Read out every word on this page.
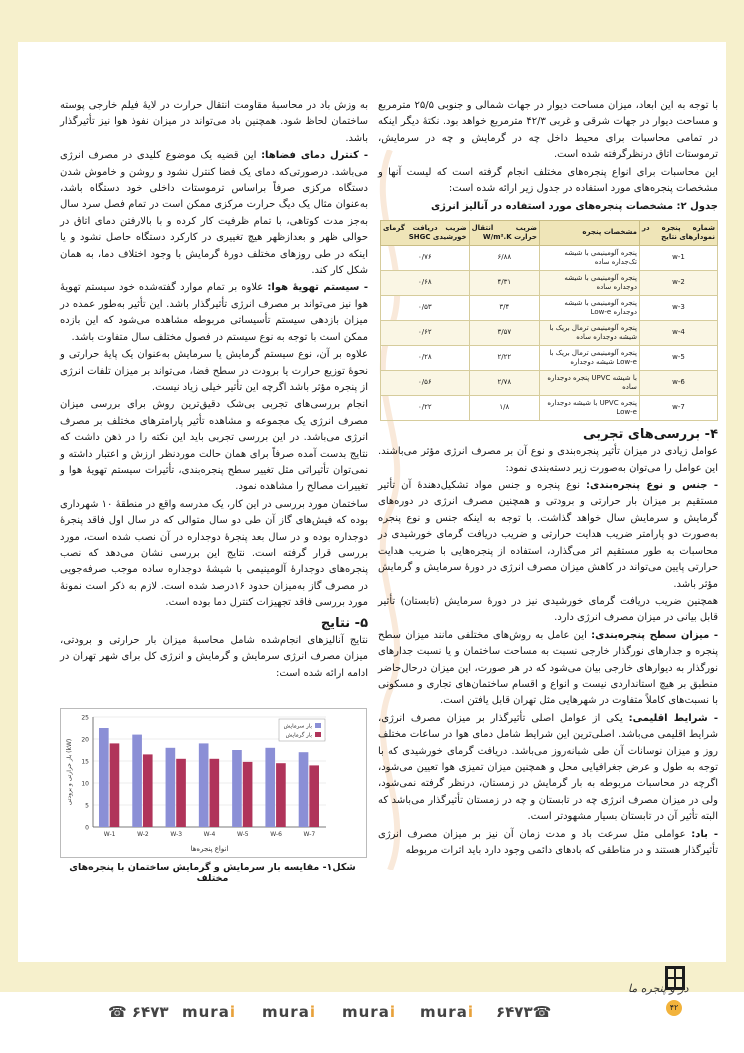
با توجه به این ابعاد، میزان مساحت دیوار در جهات شمالی و جنوبی ۲۵/۵ مترمربع و مساحت دیوار در جهات شرقی و غربی ۴۲/۳ مترمربع خواهد بود. نکتهٔ دیگر اینکه در تمامی محاسبات برای محیط داخل چه در گرمایش و چه در سرمایش، ترموستات اتاق درنظرگرفته شده است.

این محاسبات برای انواع پنجره‌های مختلف انجام گرفته است که لیست آنها و مشخصات پنجره‌های مورد استفاده در جدول زیر ارائه شده است:

جدول ۲: مشخصات پنجره‌های مورد استفاده در آنالیز انرژی
شماره پنجره در نمودارهای نتایج	مشخصات پنجره	ضریب انتقال حرارت W/m².K	ضریب دریافت گرمای خورشیدی SHGC
w-1	پنجره آلومینیمی با شیشه تک‌جداره ساده	۶/۸۸	۰/۷۶
w-2	پنجره آلومینیمی با شیشه دوجداره ساده	۴/۳۱	۰/۶۸
w-3	پنجره آلومینیمی با شیشه دوجداره Low-e	۳/۴	۰/۵۳
w-4	پنجره آلومینیمی ترمال بریک با شیشه دوجداره ساده	۳/۵۷	۰/۶۲
w-5	پنجره آلومینیمی ترمال بریک با Low-e شیشه دوجداره	۲/۲۲	۰/۲۸
w-6	با شیشه UPVC پنجره دوجداره ساده	۲/۷۸	۰/۵۶
w-7	پنجره UPVC با شیشه دوجداره Low-e	۱/۸	۰/۲۲
۴- بررسی‌های تجربی

عوامل زیادی در میزان تأثیر پنجره‌بندی و نوع آن بر مصرف انرژی مؤثر می‌باشند. این عوامل را می‌توان به‌صورت زیر دسته‌بندی نمود:

- جنس و نوع پنجره‌بندی: نوع پنجره و جنس مواد تشکیل‌دهندهٔ آن تأثیر مستقیم بر میزان بار حرارتی و برودتی و همچنین مصرف انرژی در دوره‌های گرمایش و سرمایش سال خواهد گذاشت. با توجه به اینکه جنس و نوع پنجره به‌صورت دو پارامتر ضریب هدایت حرارتی و ضریب دریافت گرمای خورشیدی در محاسبات به طور مستقیم اثر می‌گذارد، استفاده از پنجره‌هایی با ضریب هدایت حرارتی پایین می‌تواند در کاهش میزان مصرف انرژی در دورهٔ سرمایش و گرمایش مؤثر باشد.

همچنین ضریب دریافت گرمای خورشیدی نیز در دورهٔ سرمایش (تابستان) تأثیر قابل بیانی در میزان مصرف انرژی دارد.

- میزان سطح پنجره‌بندی: این عامل به روش‌های مختلفی مانند میزان سطح پنجره و جدارهای نورگذار خارجی نسبت به مساحت ساختمان و یا نسبت جدارهای نورگذار به دیوارهای خارجی بیان می‌شود که در هر صورت، این میزان درحال‌حاضر منطبق بر هیچ استانداردی نیست و انواع و اقسام ساختمان‌های تجاری و مسکونی با نسبت‌های کاملاً متفاوت در شهرهایی مثل تهران قابل یافتن است.

- شرایط اقلیمی: یکی از عوامل اصلی تأثیرگذار بر میزان مصرف انرژی، شرایط اقلیمی می‌باشد. اصلی‌ترین این شرایط شامل دمای هوا در ساعات مختلف روز و میزان نوسانات آن طی شبانه‌روز می‌باشد. دریافت گرمای خورشیدی که با توجه به طول و عرض جغرافیایی محل و همچنین میزان تمیزی هوا تعیین می‌شود، اگرچه در محاسبات مربوطه به بار گرمایش در زمستان، درنظر گرفته نمی‌شود، ولی در میزان مصرف انرژی چه در تابستان و چه در زمستان تأثیرگذار می‌باشد که البته تأثیر آن در تابستان بسیار مشهودتر است.

- باد: عواملی مثل سرعت باد و مدت زمان آن نیز بر میزان مصرف انرژی تأثیرگذار هستند و در مناطقی که بادهای دائمی وجود دارد باید اثرات مربوطه

به وزش باد در محاسبهٔ مقاومت انتقال حرارت در لایهٔ فیلم خارجی پوسته ساختمان لحاظ شود. همچنین باد می‌تواند در میزان نفوذ هوا نیز تأثیرگذار باشد.

- کنترل دمای فضاها: این قضیه یک موضوع کلیدی در مصرف انرژی می‌باشد. درصورتی‌که دمای یک فضا کنترل نشود و روشن و خاموش شدن دستگاه مرکزی صرفاً براساس ترموستات داخلی خود دستگاه باشد، به‌عنوان مثال یک دیگ حرارت مرکزی ممکن است در تمام فصل سرد سال به‌جز مدت کوتاهی، با تمام ظرفیت کار کرده و با بالارفتن دمای اتاق در حوالی ظهر و بعدازظهر هیچ تغییری در کارکرد دستگاه حاصل نشود و یا اینکه در طی روزهای مختلف دورهٔ گرمایش با وجود اختلاف دما، به همان شکل کار کند.

- سیستم تهویهٔ هوا: علاوه بر تمام موارد گفته‌شده خود سیستم تهویهٔ هوا نیز می‌تواند بر مصرف انرژی تأثیرگذار باشد. این تأثیر به‌طور عمده در میزان بازدهی سیستم تأسیساتی مربوطه مشاهده می‌شود که این بازده ممکن است با توجه به نوع سیستم در فصول مختلف سال متفاوت باشد.

علاوه بر آن، نوع سیستم گرمایش یا سرمایش به‌عنوان یک پایهٔ حرارتی و نحوهٔ توزیع حرارت یا برودت در سطح فضا، می‌تواند بر میزان تلفات انرژی از پنجره مؤثر باشد اگرچه این تأثیر خیلی زیاد نیست.

انجام بررسی‌های تجربی بی‌شک دقیق‌ترین روش برای بررسی میزان مصرف انرژی یک مجموعه و مشاهده تأثیر پارامترهای مختلف بر مصرف انرژی می‌باشد. در این بررسی تجربی باید این نکته را در ذهن داشت که نتایج بدست آمده صرفاً برای همان حالت موردنظر ارزش و اعتبار داشته و نمی‌توان تأثیراتی مثل تغییر سطح پنجره‌بندی، تأثیرات سیستم تهویهٔ هوا و تغییرات مصالح را مشاهده نمود.

ساختمان مورد بررسی در این کار، یک مدرسه واقع در منطقهٔ ۱۰ شهرداری بوده که فیش‌های گاز آن طی دو سال متوالی که در سال اول فاقد پنجرهٔ دوجداره بوده و در سال بعد پنجرهٔ دوجداره در آن نصب شده است، مورد بررسی قرار گرفته است. نتایج این بررسی نشان می‌دهد که نصب پنجره‌های دوجدارهٔ آلومینیمی با شیشهٔ دوجداره ساده موجب صرفه‌جویی در مصرف گاز به‌میزان حدود ۱۶درصد شده است. لازم به ذکر است نمونهٔ مورد بررسی فاقد تجهیزات کنترل دما بوده است.

۵- نتایج

نتایج آنالیزهای انجام‌شده شامل محاسبهٔ میزان بار حرارتی و برودتی، میزان مصرف انرژی سرمایش و گرمایش و انرژی کل برای شهر تهران در ادامه ارائه شده است:

0
5
10
15
20
25
W-1	W-2	W-3	W-4	W-5	W-6	W-7
انواع پنجره‌ها
بار حرارتی و برودتی (kW)
بار سرمایش
بار گرمایش
شکل۱- مقایسه بار سرمایش و گرمایش ساختمان با پنجره‌های مختلف
در و پنجره ما
۴۲
☎ ۶۴۷۳ murai murai murai murai ۶۴۷۳☎
